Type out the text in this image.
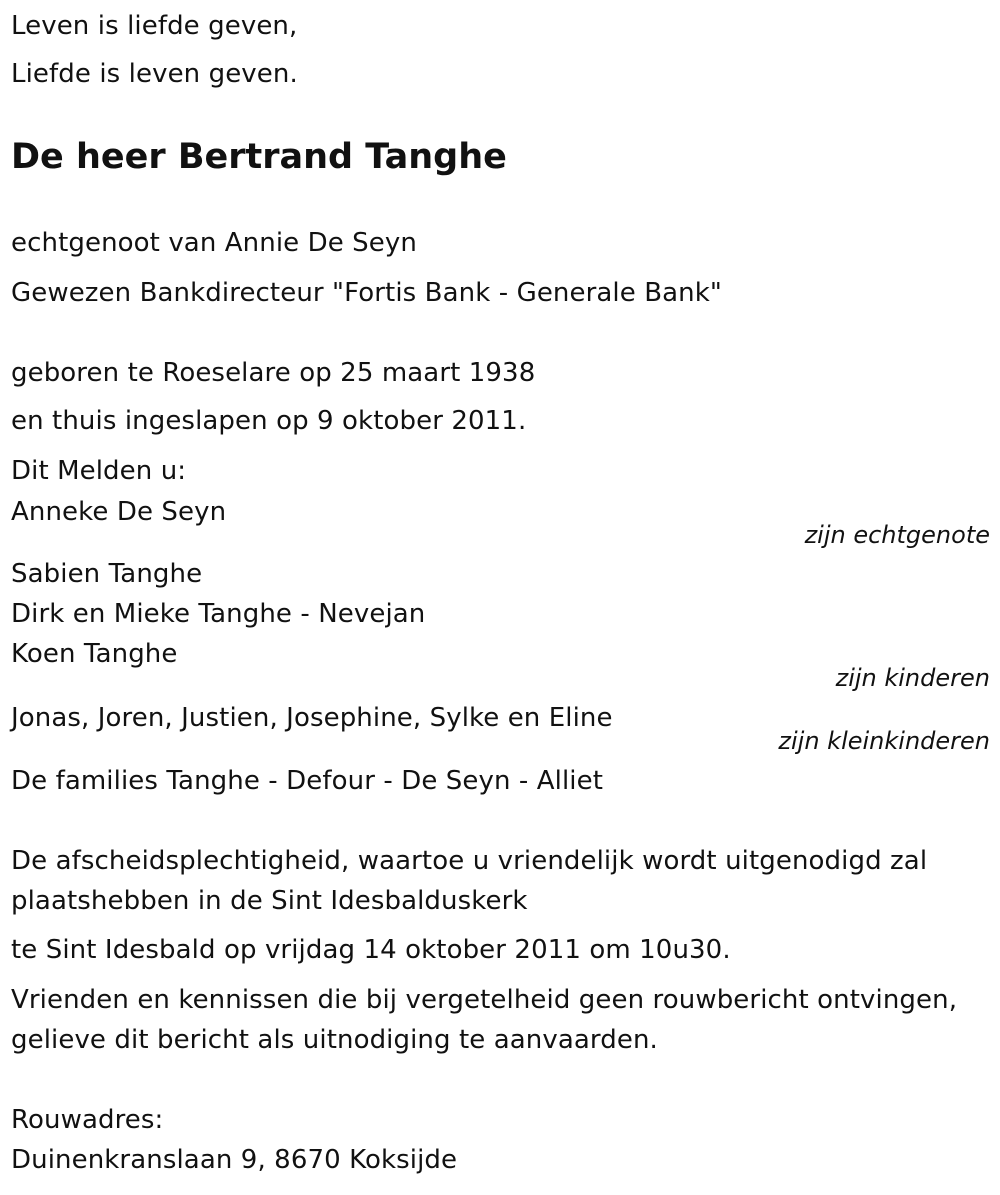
Leven is liefde geven,
Liefde is leven geven.
De heer Bertrand Tanghe
echtgenoot van Annie De Seyn
Gewezen Bankdirecteur "Fortis Bank - Generale Bank"
geboren te Roeselare op 25 maart 1938
en thuis ingeslapen op 9 oktober 2011.
Dit Melden u:
Anneke De Seyn
zijn echtgenote
Sabien Tanghe
Dirk en Mieke Tanghe - Nevejan
Koen Tanghe
zijn kinderen
Jonas, Joren, Justien, Josephine, Sylke en Eline
zijn kleinkinderen
De families Tanghe - Defour - De Seyn - Alliet
De afscheidsplechtigheid, waartoe u vriendelijk wordt uitgenodigd zal
plaatshebben in de Sint Idesbalduskerk
te Sint Idesbald op vrijdag 14 oktober 2011 om 10u30.
Vrienden en kennissen die bij vergetelheid geen rouwbericht ontvingen,
gelieve dit bericht als uitnodiging te aanvaarden.
Rouwadres:
Duinenkranslaan 9, 8670 Koksijde
